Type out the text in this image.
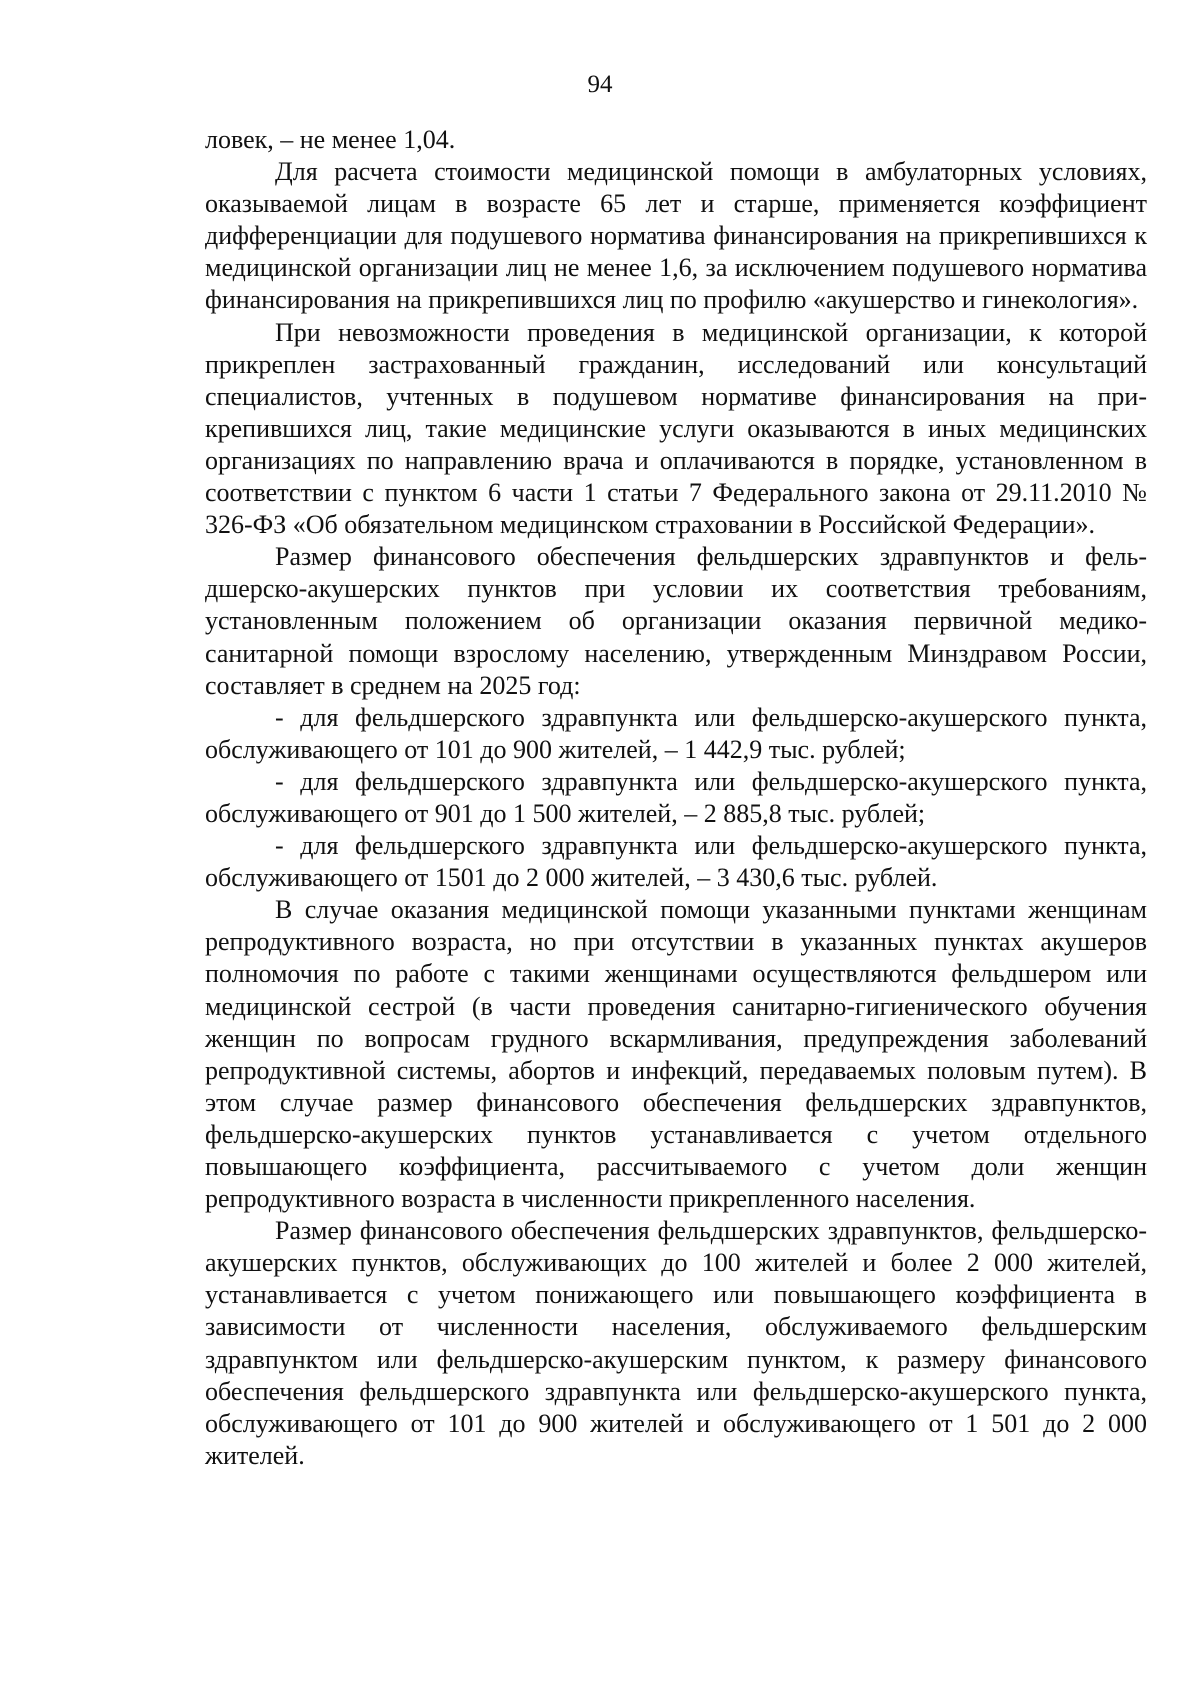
94

ловек, – не менее 1,04.

Для расчета стоимости медицинской помощи в амбулаторных условиях, оказываемой лицам в возрасте 65 лет и старше, применяется коэффициент дифференциации для подушевого норматива финансирования на прикрепившихся к медицинской организации лиц не менее 1,6, за исключением подушевого норматива финансирования на прикрепившихся лиц по профилю «акушерство и гинекология».

При невозможности проведения в медицинской организации, к которой прикреплен застрахованный гражданин, исследований или консультаций специалистов, учтенных в подушевом нормативе финансирования на прикрепившихся лиц, такие медицинские услуги оказываются в иных медицинских организациях по направлению врача и оплачиваются в порядке, установленном в соответствии с пунктом 6 части 1 статьи 7 Федерального закона от 29.11.2010 № 326-ФЗ «Об обязательном медицинском страховании в Российской Федерации».

Размер финансового обеспечения фельдшерских здравпунктов и фельдшерско-акушерских пунктов при условии их соответствия требованиям, установленным положением об организации оказания первичной медико-санитарной помощи взрослому населению, утвержденным Минздравом России, составляет в среднем на 2025 год:

- для фельдшерского здравпункта или фельдшерско-акушерского пункта, обслуживающего от 101 до 900 жителей, – 1 442,9 тыс. рублей;

- для фельдшерского здравпункта или фельдшерско-акушерского пункта, обслуживающего от 901 до 1 500 жителей, – 2 885,8 тыс. рублей;

- для фельдшерского здравпункта или фельдшерско-акушерского пункта, обслуживающего от 1501 до 2 000 жителей, – 3 430,6 тыс. рублей.

В случае оказания медицинской помощи указанными пунктами женщинам репродуктивного возраста, но при отсутствии в указанных пунктах акушеров полномочия по работе с такими женщинами осуществляются фельдшером или медицинской сестрой (в части проведения санитарно-гигиенического обучения женщин по вопросам грудного вскармливания, предупреждения заболеваний репродуктивной системы, абортов и инфекций, передаваемых половым путем). В этом случае размер финансового обеспечения фельдшерских здравпунктов, фельдшерско-акушерских пунктов устанавливается с учетом отдельного повышающего коэффициента, рассчитываемого с учетом доли женщин репродуктивного возраста в численности прикрепленного населения.

Размер финансового обеспечения фельдшерских здравпунктов, фельдшерско-акушерских пунктов, обслуживающих до 100 жителей и более 2 000 жителей, устанавливается с учетом понижающего или повышающего коэффициента в зависимости от численности населения, обслуживаемого фельдшерским здравпунктом или фельдшерско-акушерским пунктом, к размеру финансового обеспечения фельдшерского здравпункта или фельдшерско-акушерского пункта, обслуживающего от 101 до 900 жителей и обслуживающего от 1 501 до 2 000 жителей.
